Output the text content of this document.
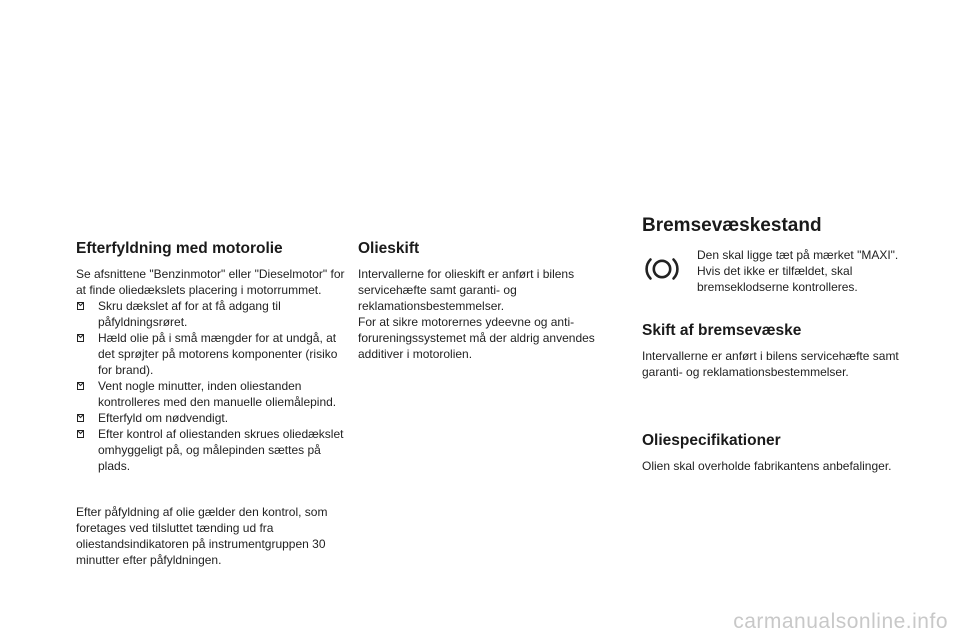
Efterfyldning med motorolie

Se afsnittene "Benzinmotor" eller "Dieselmotor" for at finde oliedækslets placering i motorrummet.

Skru dækslet af for at få adgang til påfyldningsrøret.
Hæld olie på i små mængder for at undgå, at det sprøjter på motorens komponenter (risiko for brand).
Vent nogle minutter, inden oliestanden kontrolleres med den manuelle oliemålepind.
Efterfyld om nødvendigt.
Efter kontrol af oliestanden skrues oliedækslet omhyggeligt på, og målepinden sættes på plads.

Efter påfyldning af olie gælder den kontrol, som foretages ved tilsluttet tænding ud fra oliestandsindikatoren på instrumentgruppen 30 minutter efter påfyldningen.

Olieskift

Intervallerne for olieskift er anført i bilens servicehæfte samt garanti- og reklamationsbestemmelser.

For at sikre motorernes ydeevne og anti-forureningssystemet må der aldrig anvendes additiver i motorolien.

Bremsevæskestand

Den skal ligge tæt på mærket "MAXI". Hvis det ikke er tilfældet, skal bremseklodserne kontrolleres.

Skift af bremsevæske

Intervallerne er anført i bilens servicehæfte samt garanti- og reklamationsbestemmelser.

Oliespecifikationer

Olien skal overholde fabrikantens anbefalinger.

carmanualsonline.info
